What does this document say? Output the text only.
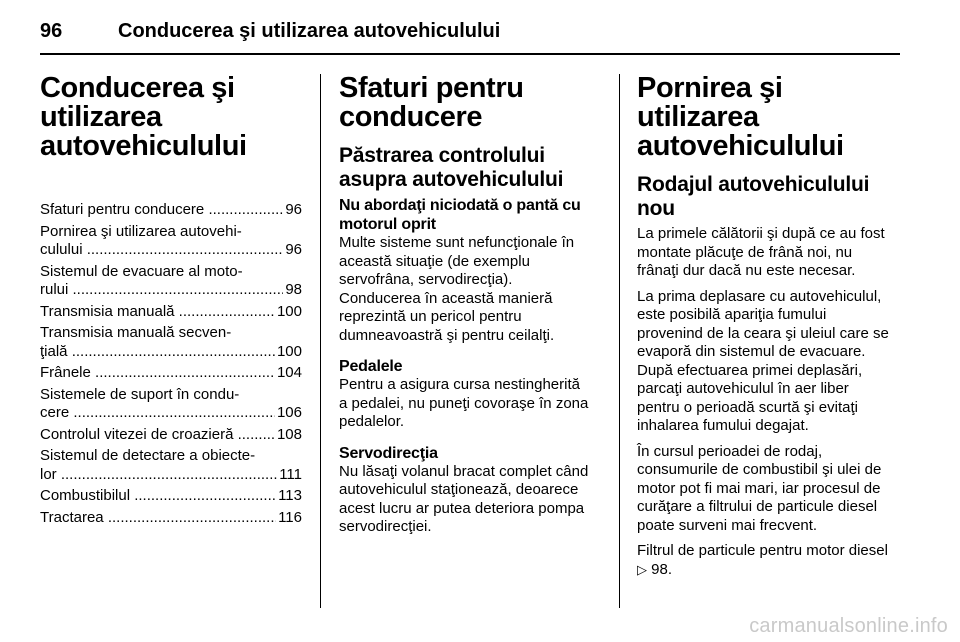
96	Conducerea şi utilizarea autovehiculului
Conducerea şi
utilizarea
autovehiculului
Sfaturi pentru conducere .....	96
Pornirea şi utilizarea autovehi-
culului .....	96
Sistemul de evacuare al moto-
rului .....	98
Transmisia manuală .....	100
Transmisia manuală secven-
ţială .....	100
Frânele .....	104
Sistemele de suport în condu-
cere .....	106
Controlul vitezei de croazieră .....	108
Sistemul de detectare a obiecte-
lor .....	111
Combustibilul .....	113
Tractarea .....	116
Sfaturi pentru
conducere
Păstrarea controlului
asupra autovehiculului
Nu abordaţi niciodată o pantă cu
motorul oprit

Multe sisteme sunt nefuncţionale în
această situaţie (de exemplu
servofrâna, servodirecţia).
Conducerea în această manieră
reprezintă un pericol pentru
dumneavoastră şi pentru ceilalţi.

Pedalele

Pentru a asigura cursa nestingherită
a pedalei, nu puneţi covoraşe în zona
pedalelor.

Servodirecţia

Nu lăsaţi volanul bracat complet când
autovehiculul staţionează, deoarece
acest lucru ar putea deteriora pompa
servodirecţiei.

Pornirea şi utilizarea
autovehiculului
Rodajul autovehiculului
nou

La primele călătorii şi după ce au fost
montate plăcuţe de frână noi, nu
frânaţi dur dacă nu este necesar.

La prima deplasare cu autovehiculul,
este posibilă apariţia fumului
provenind de la ceara şi uleiul care se
evaporă din sistemul de evacuare.
După efectuarea primei deplasări,
parcaţi autovehiculul în aer liber
pentru o perioadă scurtă şi evitaţi
inhalarea fumului degajat.

În cursul perioadei de rodaj,
consumurile de combustibil şi ulei de
motor pot fi mai mari, iar procesul de
curăţare a filtrului de particule diesel
poate surveni mai frecvent.

Filtrul de particule pentru motor diesel
▷ 98.

carmanualsonline.info
